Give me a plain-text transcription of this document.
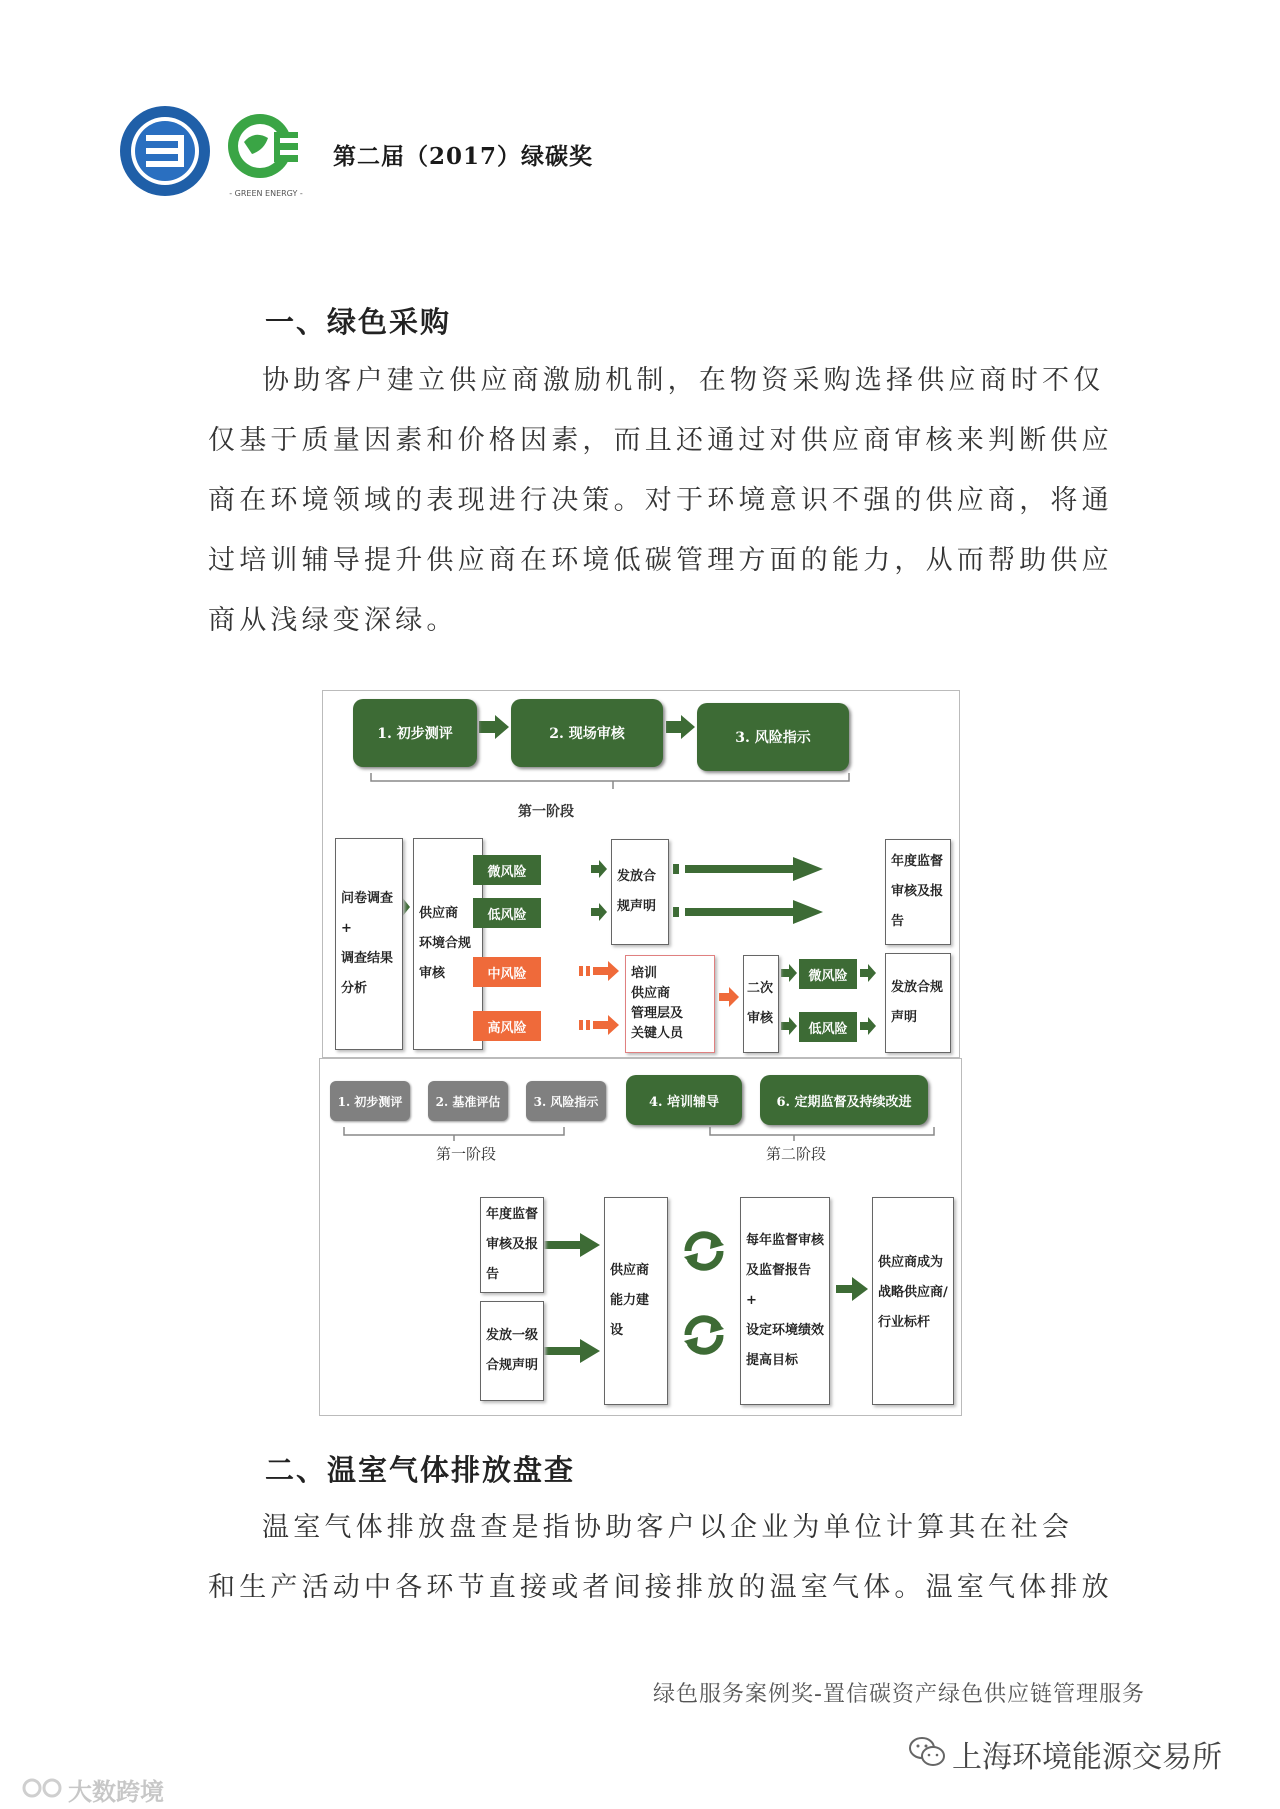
- GREEN ENERGY -
第二届（2017）绿碳奖
一、绿色采购

协助客户建立供应商激励机制，在物资采购选择供应商时不仅

仅基于质量因素和价格因素，而且还通过对供应商审核来判断供应

商在环境领域的表现进行决策。对于环境意识不强的供应商，将通

过培训辅导提升供应商在环境低碳管理方面的能力，从而帮助供应

商从浅绿变深绿。

1. 初步测评	2. 现场审核	3. 风险指示
第一阶段
问卷调查
+
调查结果
分析
供应商
环境合规
审核
微风险
低风险
中风险
高风险
发放合
规声明
年度监督
审核及报
告
培训
供应商
管理层及
关键人员
二次
审核
微风险
低风险
发放合规
声明
1. 初步测评	2. 基准评估	3. 风险指示	4. 培训辅导	6. 定期监督及持续改进
第一阶段	第二阶段
年度监督
审核及报
告
发放一级
合规声明
供应商
能力建
设
每年监督审核
及监督报告
+
设定环境绩效
提高目标
供应商成为
战略供应商/
行业标杆
二、温室气体排放盘查

温室气体排放盘查是指协助客户以企业为单位计算其在社会

和生产活动中各环节直接或者间接排放的温室气体。温室气体排放

绿色服务案例奖-置信碳资产绿色供应链管理服务
上海环境能源交易所
大数跨境
